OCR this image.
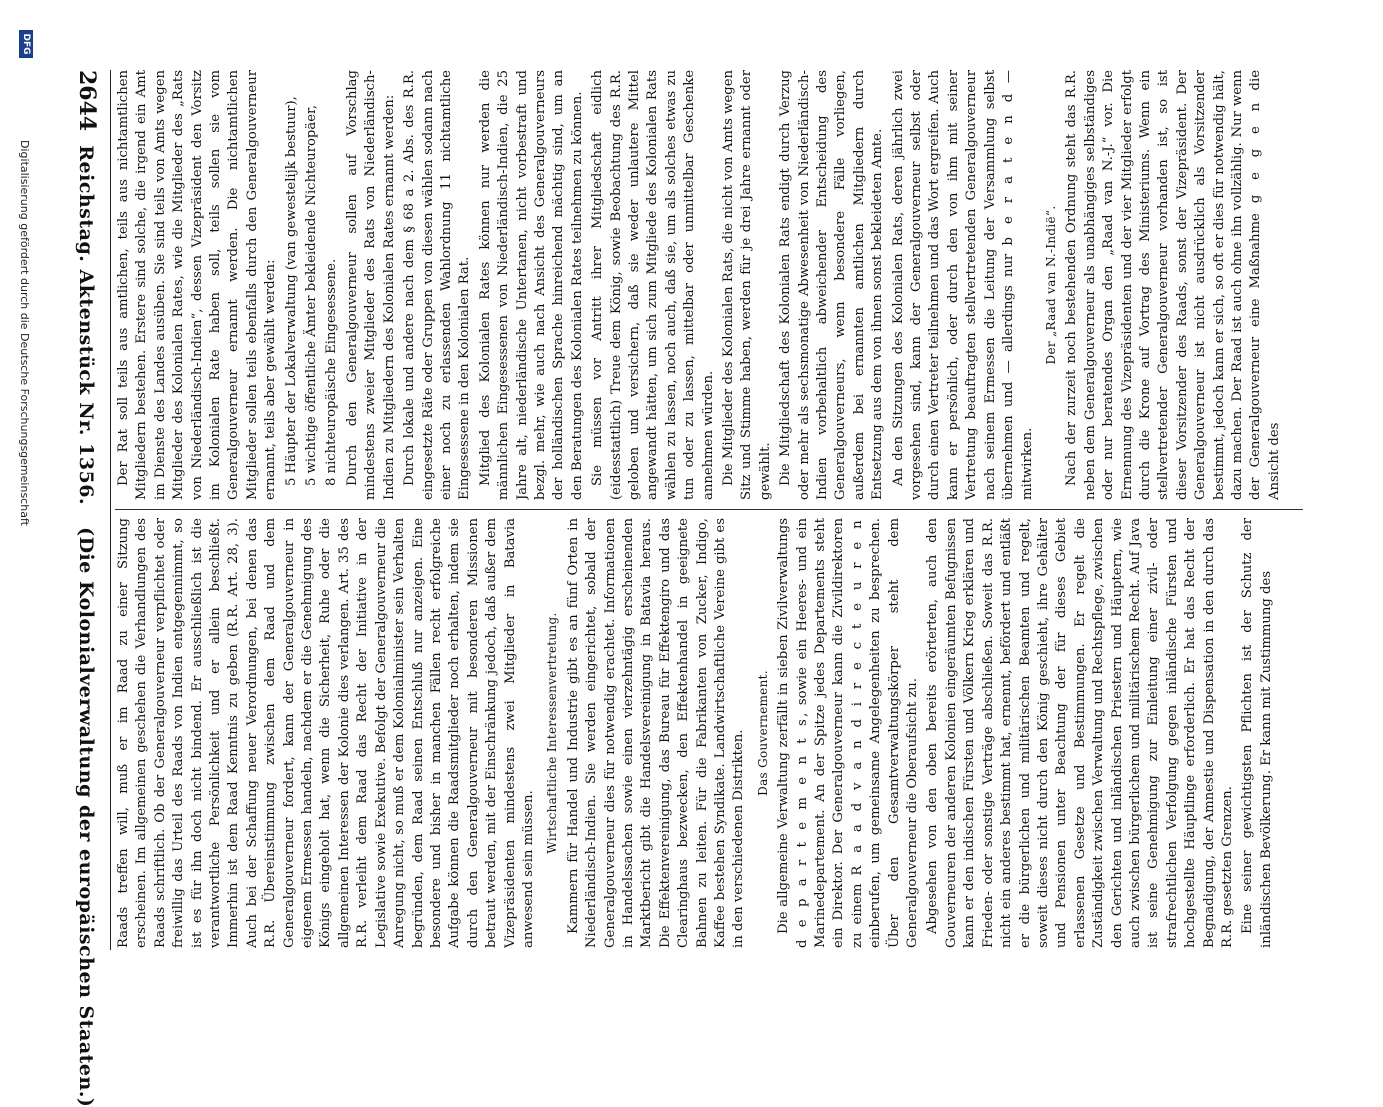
2644
Reichstag. Aktenstück Nr. 1356.
(Die Kolonialverwaltung der europäischen Staaten.)

Der Rat soll teils aus amtlichen, teils aus nichtamtlichen Mitgliedern bestehen. Erstere sind solche, die irgend ein Amt im Dienste des Landes ausüben. Sie sind teils von Amts wegen Mitglieder des Kolonialen Rates, wie die Mitglieder des „Rats von Niederländisch-Indien“, dessen Vizepräsident den Vorsitz im Kolonialen Rate haben soll, teils sollen sie vom Generalgouverneur ernannt werden. Die nichtamtlichen Mitglieder sollen teils ebenfalls durch den Generalgouverneur ernannt, teils aber gewählt werden: 5 Häupter der Lokalverwaltung (van gewestelijk bestuur), 5 wichtige öffentliche Ämter bekleidende Nichteuropäer, 8 nichteuropäische Eingesessene. Durch den Generalgouverneur sollen auf Vorschlag mindestens zweier Mitglieder des Rats von Niederländisch-Indien zu Mitgliedern des Kolonialen Rates ernannt werden: Durch lokale und andere nach dem § 68 a 2. Abs. des R.R. eingesetzte Räte oder Gruppen von diesen wählen sodann nach einer noch zu erlassenden Wahlordnung 11 nichtamtliche Eingesessene in den Kolonialen Rat. Mitglied des Kolonialen Rates können nur werden die männlichen Eingesessenen von Niederländisch-Indien, die 25 Jahre alt, niederländische Untertanen, nicht vorbestraft und bezgl. mehr, wie auch nach Ansicht des Generalgouverneurs der holländischen Sprache hinreichend mächtig sind, um an den Beratungen des Kolonialen Rates teilnehmen zu können. Sie müssen vor Antritt ihrer Mitgliedschaft eidlich (eidesstattlich) Treue dem König, sowie Beobachtung des R.R. geloben und versichern, daß sie weder unlautere Mittel angewandt hätten, um sich zum Mitgliede des Kolonialen Rats wählen zu lassen, noch auch, daß sie, um als solches etwas zu tun oder zu lassen, mittelbar oder unmittelbar Geschenke annehmen würden. Die Mitglieder des Kolonialen Rats, die nicht von Amts wegen Sitz und Stimme haben, werden für je drei Jahre ernannt oder gewählt. Die Mitgliedschaft des Kolonialen Rats endigt durch Verzug oder mehr als sechsmonatige Abwesenheit von Niederländisch-Indien vorbehaltlich abweichender Entscheidung des Generalgouverneurs, wenn besondere Fälle vorliegen, außerdem bei ernannten amtlichen Mitgliedern durch Entsetzung aus dem von ihnen sonst bekleideten Amte. An den Sitzungen des Kolonialen Rats, deren jährlich zwei vorgesehen sind, kann der Generalgouverneur selbst oder durch einen Vertreter teilnehmen und das Wort ergreifen. Auch kann er persönlich, oder durch den von ihm mit seiner Vertretung beauftragten stellvertretenden Generalgouverneur nach seinem Ermessen die Leitung der Versammlung selbst übernehmen und — allerdings nur b e r a t e n d — mitwirken.

Der „Raad van N.-Indië“. Nach der zurzeit noch bestehenden Ordnung steht das R.R. neben dem Generalgouverneur als unabhängiges selbständiges oder nur beratendes Organ den „Raad van N.-J.“ vor. Die Ernennung des Vizepräsidenten und der vier Mitglieder erfolgt durch die Krone auf Vortrag des Ministeriums. Wenn ein stellvertretender Generalgouverneur vorhanden ist, so ist dieser Vorsitzender des Raads, sonst der Vizepräsident. Der Generalgouverneur ist nicht ausdrücklich als Vorsitzender bestimmt, jedoch kann er sich, so oft er dies für notwendig hält, dazu machen. Der Raad ist auch ohne ihn vollzählig. Nur wenn der Generalgouverneur eine Maßnahme g e g e n die Ansicht des

Raads treffen will, muß er im Raad zu einer Sitzung erscheinen. Im allgemeinen geschehen die Verhandlungen des Raads schriftlich. Ob der Generalgouverneur verpflichtet oder freiwillig das Urteil des Raads von Indien entgegennimmt, so ist es für ihn doch nicht bindend. Er ausschließlich ist die verantwortliche Persönlichkeit und er allein beschließt. Immerhin ist dem Raad Kenntnis zu geben (R.R. Art. 28, 3). Auch bei der Schaffung neuer Verordnungen, bei denen das R.R. Übereinstimmung zwischen dem Raad und dem Generalgouverneur fordert, kann der Generalgouverneur in eigenem Ermessen handeln, nachdem er die Genehmigung des Königs eingeholt hat, wenn die Sicherheit, Ruhe oder die allgemeinen Interessen der Kolonie dies verlangen. Art. 35 des R.R. verleiht dem Raad das Recht der Initiative in der Legislative sowie Exekutive. Befolgt der Generalgouverneur die Anregung nicht, so muß er dem Kolonialminister sein Verhalten begründen, dem Raad seinen Entschluß nur anzeigen. Eine besondere und bisher in manchen Fällen recht erfolgreiche Aufgabe können die Raadsmitglieder noch erhalten, indem sie durch den Generalgouverneur mit besonderen Missionen betraut werden, mit der Einschränkung jedoch, daß außer dem Vizepräsidenten mindestens zwei Mitglieder in Batavia anwesend sein müssen.

Wirtschaftliche Interessenvertretung. Kammern für Handel und Industrie gibt es an fünf Orten in Niederländisch-Indien. Sie werden eingerichtet, sobald der Generalgouverneur dies für notwendig erachtet. Informationen in Handelssachen sowie einen vierzehntägig erscheinenden Marktbericht gibt die Handelsvereinigung in Batavia heraus. Die Effektenvereinigung, das Bureau für Effektengiro und das Clearinghaus bezwecken, den Effektenhandel in geeignete Bahnen zu leiten. Für die Fabrikanten von Zucker, Indigo, Kaffee bestehen Syndikate. Landwirtschaftliche Vereine gibt es in den verschiedenen Distrikten. Das Gouvernement. Die allgemeine Verwaltung zerfällt in sieben Zivilverwaltungs d e p a r t e m e n t s, sowie ein Heeres- und ein Marinedepartement. An der Spitze jedes Departements steht ein Direktor. Der Generalgouverneur kann die Zivildirektoren zu einem R a a d v a n d i r e c t e u r e n einberufen, um gemeinsame Angelegenheiten zu besprechen. Über den Gesamtverwaltungskörper steht dem Generalgouverneur die Oberaufsicht zu. Abgesehen von den oben bereits erörterten, auch den Gouverneuren der anderen Kolonien eingeräumten Befugnissen kann er den indischen Fürsten und Völkern Krieg erklären und Frieden- oder sonstige Verträge abschließen. Soweit das R.R. nicht ein anderes bestimmt hat, ernennt, befördert und entläßt er die bürgerlichen und militärischen Beamten und regelt, soweit dieses nicht durch den König geschieht, ihre Gehälter und Pensionen unter Beachtung der für dieses Gebiet erlassenen Gesetze und Bestimmungen. Er regelt die Zuständigkeit zwischen Verwaltung und Rechtspflege, zwischen den Gerichten und inländischen Priestern und Häuptern, wie auch zwischen bürgerlichem und militärischem Recht. Auf Java ist seine Genehmigung zur Einleitung einer zivil- oder strafrechtlichen Verfolgung gegen inländische Fürsten und hochgestellte Häuptlinge erforderlich. Er hat das Recht der Begnadigung, der Amnestie und Dispensation in den durch das R.R. gesetzten Grenzen. Eine seiner gewichtigsten Pflichten ist der Schutz der inländischen Bevölkerung. Er kann mit Zustimmung des

DFG
Digitalisierung gefördert durch die Deutsche Forschungsgemeinschaft
